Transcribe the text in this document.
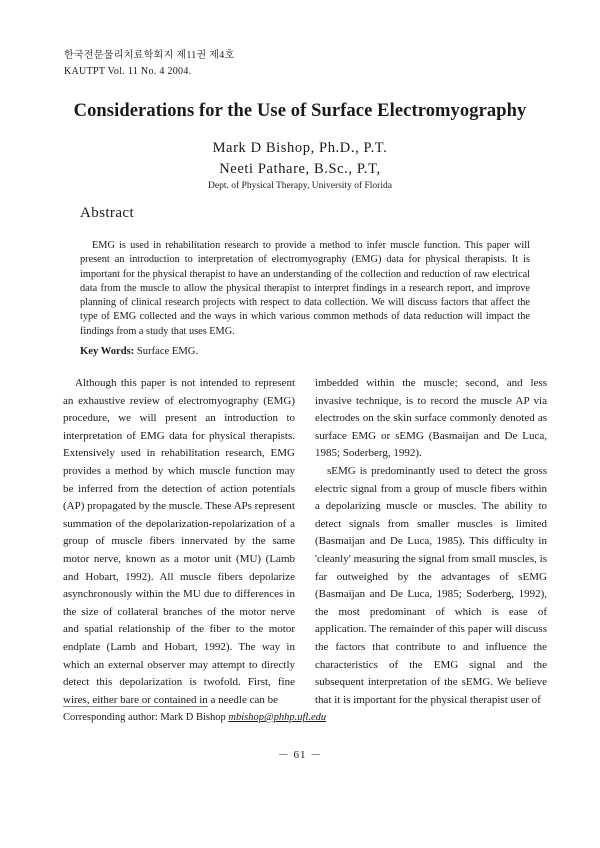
한국전문물리치료학회지 제11권 제4호
KAUTPT Vol. 11 No. 4 2004.
Considerations for the Use of Surface Electromyography
Mark D Bishop, Ph.D., P.T.
Neeti Pathare, B.Sc., P.T,
Dept. of Physical Therapy, University of Florida
Abstract
EMG is used in rehabilitation research to provide a method to infer muscle function. This paper will present an introduction to interpretation of electromyography (EMG) data for physical therapists. It is important for the physical therapist to have an understanding of the collection and reduction of raw electrical data from the muscle to allow the physical therapist to interpret findings in a research report, and improve planning of clinical research projects with respect to data collection. We will discuss factors that affect the type of EMG collected and the ways in which various common methods of data reduction will impact the findings from a study that uses EMG.
Key Words: Surface EMG.

Although this paper is not intended to represent an exhaustive review of electromyography (EMG) procedure, we will present an introduction to interpretation of EMG data for physical therapists. Extensively used in rehabilitation research, EMG provides a method by which muscle function may be inferred from the detection of action potentials (AP) propagated by the muscle. These APs represent summation of the depolarization-repolarization of a group of muscle fibers innervated by the same motor nerve, known as a motor unit (MU) (Lamb and Hobart, 1992). All muscle fibers depolarize asynchronously within the MU due to differences in the size of collateral branches of the motor nerve and spatial relationship of the fiber to the motor endplate (Lamb and Hobart, 1992). The way in which an external observer may attempt to directly detect this depolarization is twofold. First, fine wires, either bare or contained in a needle can be

imbedded within the muscle; second, and less invasive technique, is to record the muscle AP via electrodes on the skin surface commonly denoted as surface EMG or sEMG (Basmaijan and De Luca, 1985; Soderberg, 1992).

sEMG is predominantly used to detect the gross electric signal from a group of muscle fibers within a depolarizing muscle or muscles. The ability to detect signals from smaller muscles is limited (Basmaijan and De Luca, 1985). This difficulty in 'cleanly' measuring the signal from small muscles, is far outweighed by the advantages of sEMG (Basmaijan and De Luca, 1985; Soderberg, 1992), the most predominant of which is ease of application. The remainder of this paper will discuss the factors that contribute to and influence the characteristics of the EMG signal and the subsequent interpretation of the sEMG. We believe that it is important for the physical therapist user of

Corresponding author: Mark D Bishop mbishop@phhp.ufl.edu
－ 61 －
